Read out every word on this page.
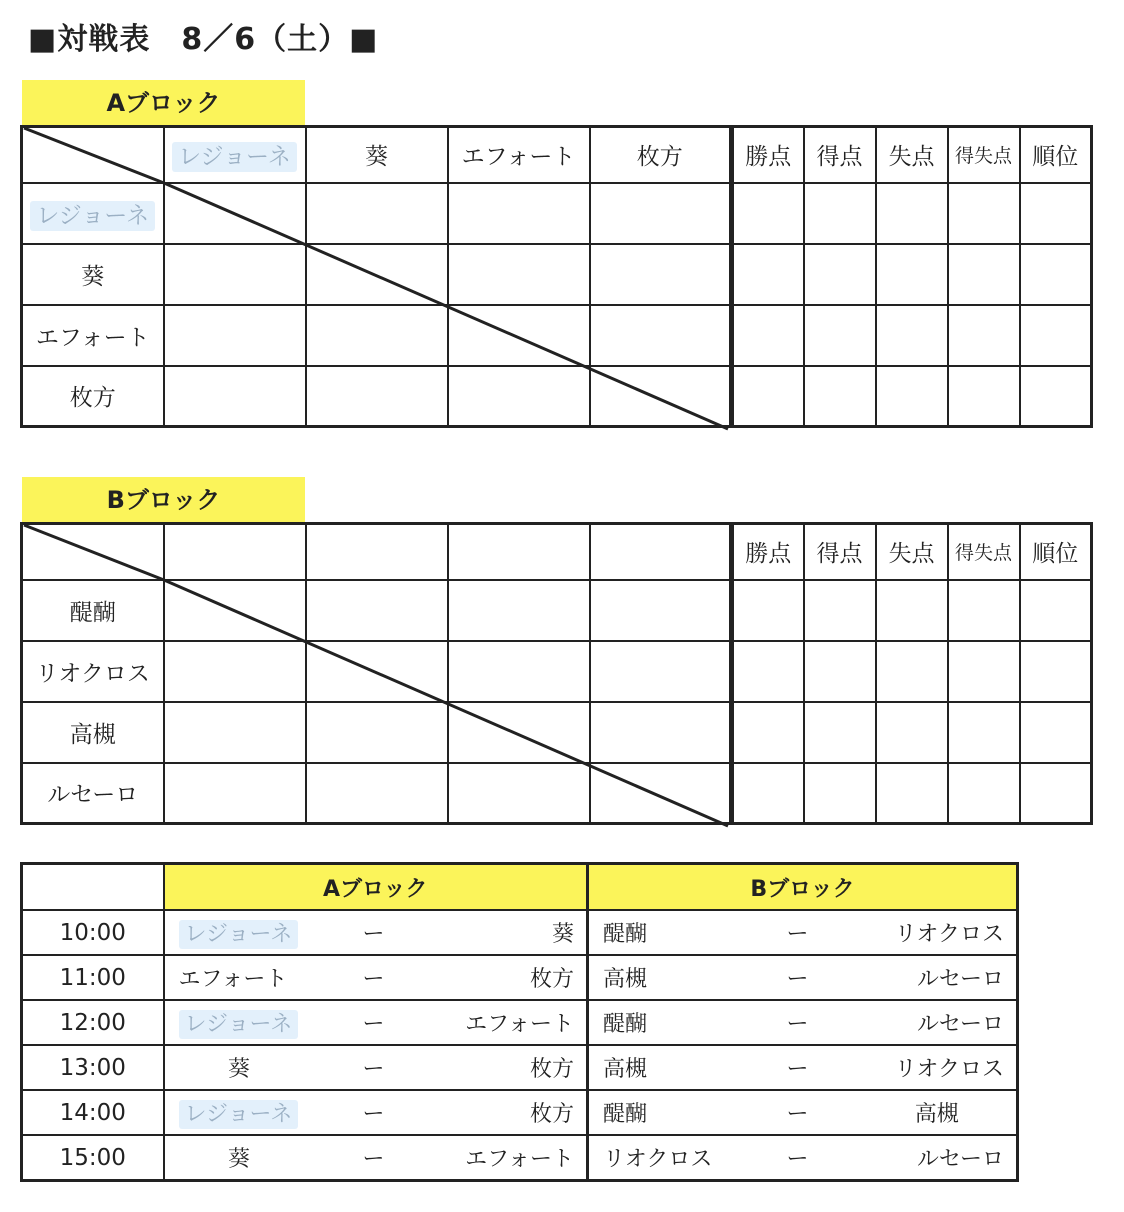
■対戦表　8／6（土）■
Aブロック
	レジョーネ	葵	エフォート	枚方	勝点	得点	失点	得失点	順位
レジョーネ									
葵									
エフォート									
枚方									
Bブロック
					勝点	得点	失点	得失点	順位
醍醐									
リオクロス									
高槻									
ルセーロ									
	Aブロック			Bブロック		
10:00	レジョーネ	ー	葵	醍醐	ー	リオクロス
11:00	エフォート	ー	枚方	高槻	ー	ルセーロ
12:00	レジョーネ	ー	エフォート	醍醐	ー	ルセーロ
13:00	葵	ー	枚方	高槻	ー	リオクロス
14:00	レジョーネ	ー	枚方	醍醐	ー	高槻
15:00	葵	ー	エフォート	リオクロス	ー	ルセーロ
